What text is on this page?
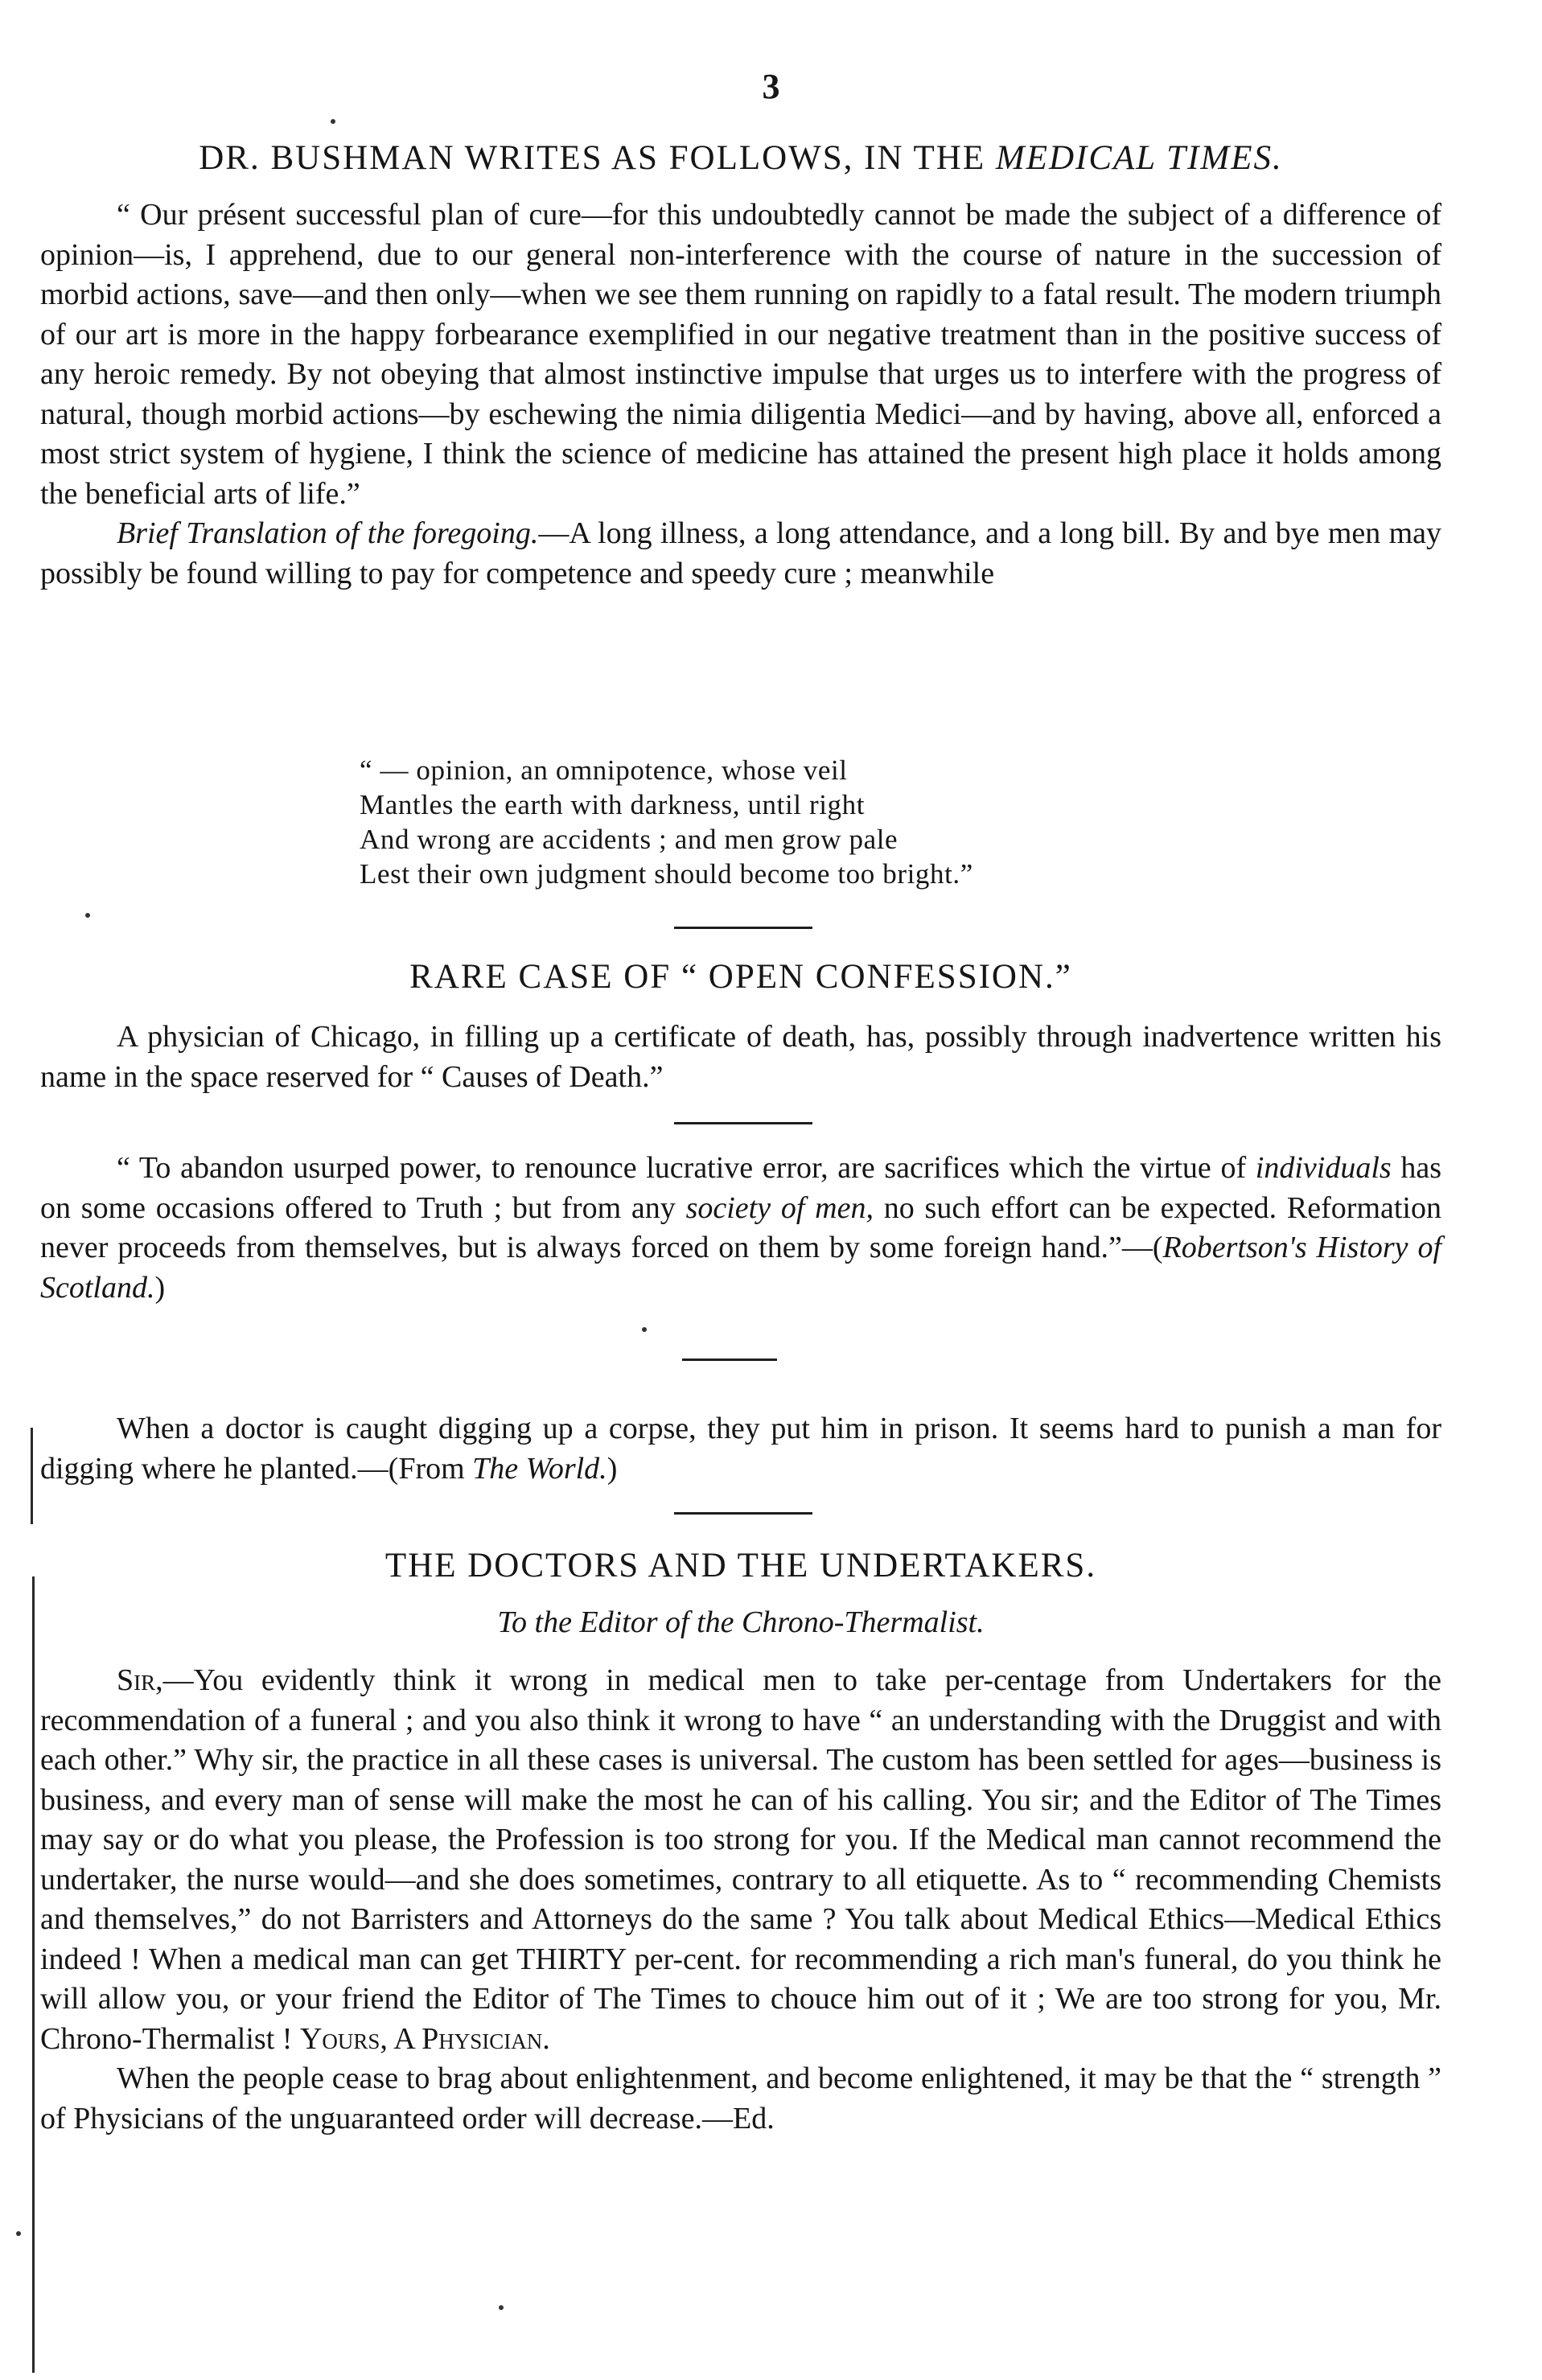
3

DR. BUSHMAN WRITES AS FOLLOWS, IN THE MEDICAL TIMES.

“ Our présent successful plan of cure—for this undoubtedly cannot be made the subject of a difference of opinion—is, I apprehend, due to our general non-interference with the course of nature in the succession of morbid actions, save—and then only—when we see them running on rapidly to a fatal result. The modern triumph of our art is more in the happy forbearance exemplified in our negative treatment than in the positive success of any heroic remedy. By not obeying that almost instinctive impulse that urges us to interfere with the progress of natural, though morbid actions—by eschewing the nimia diligentia Medici—and by having, above all, enforced a most strict system of hygiene, I think the science of medicine has attained the present high place it holds among the beneficial arts of life.”

Brief Translation of the foregoing.—A long illness, a long attendance, and a long bill. By and bye men may possibly be found willing to pay for competence and speedy cure ; meanwhile

“ — opinion, an omnipotence, whose veil
Mantles the earth with darkness, until right
And wrong are accidents ; and men grow pale
Lest their own judgment should become too bright.”

RARE CASE OF “ OPEN CONFESSION.”

A physician of Chicago, in filling up a certificate of death, has, possibly through inadvertence written his name in the space reserved for “ Causes of Death.”

“ To abandon usurped power, to renounce lucrative error, are sacrifices which the virtue of individuals has on some occasions offered to Truth ; but from any society of men, no such effort can be expected. Reformation never proceeds from themselves, but is always forced on them by some foreign hand.”—(Robertson's History of Scotland.)

When a doctor is caught digging up a corpse, they put him in prison. It seems hard to punish a man for digging where he planted.—(From The World.)

THE DOCTORS AND THE UNDERTAKERS.

To the Editor of the Chrono-Thermalist.

Sir,—You evidently think it wrong in medical men to take per-centage from Undertakers for the recommendation of a funeral ; and you also think it wrong to have “ an understanding with the Druggist and with each other.” Why sir, the practice in all these cases is universal. The custom has been settled for ages—business is business, and every man of sense will make the most he can of his calling. You sir; and the Editor of The Times may say or do what you please, the Profession is too strong for you. If the Medical man cannot recommend the undertaker, the nurse would—and she does sometimes, contrary to all etiquette. As to “ recommending Chemists and themselves,” do not Barristers and Attorneys do the same ? You talk about Medical Ethics—Medical Ethics indeed ! When a medical man can get THIRTY per-cent. for recommending a rich man's funeral, do you think he will allow you, or your friend the Editor of The Times to chouce him out of it ; We are too strong for you, Mr. Chrono-Thermalist ! Yours, A Physician.

When the people cease to brag about enlightenment, and become enlightened, it may be that the “ strength ” of Physicians of the unguaranteed order will decrease.—Ed.
